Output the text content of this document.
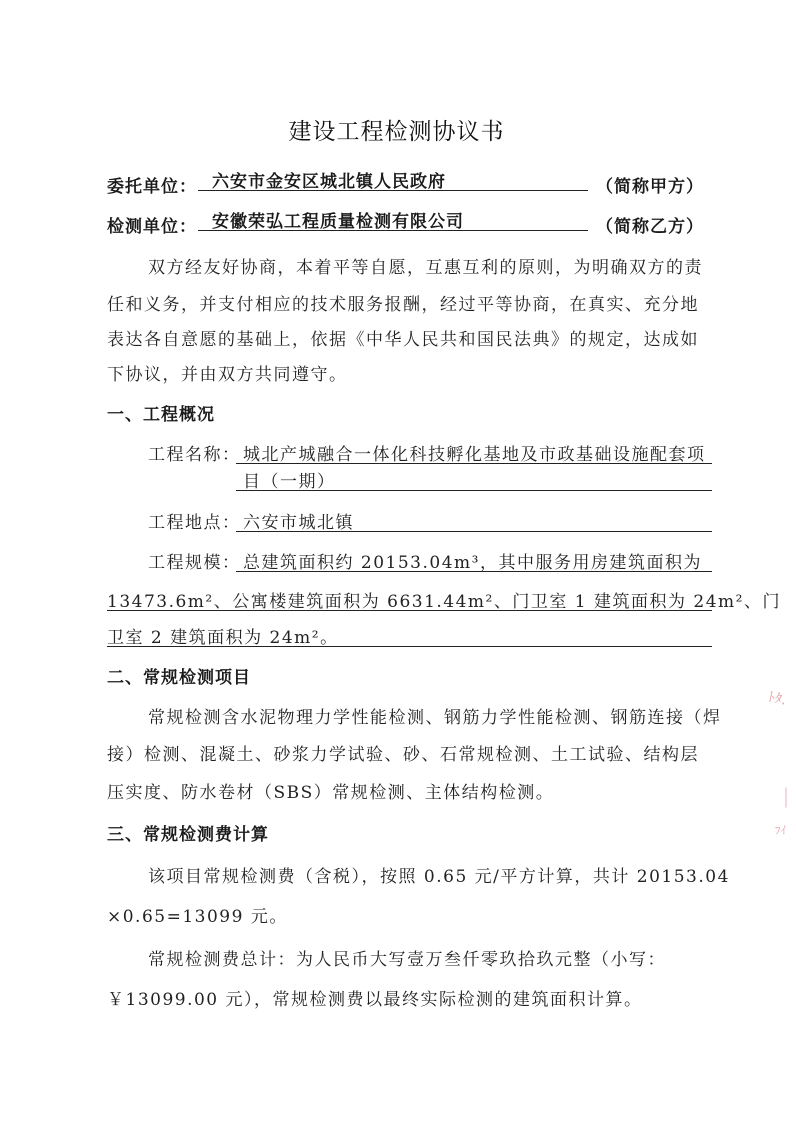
建设工程检测协议书
委托单位： 六安市金安区城北镇人民政府	（简称甲方）
检测单位： 安徽荣弘工程质量检测有限公司	（简称乙方）
双方经友好协商，本着平等自愿，互惠互利的原则，为明确双方的责
任和义务，并支付相应的技术服务报酬，经过平等协商，在真实、充分地
表达各自意愿的基础上，依据《中华人民共和国民法典》的规定，达成如
下协议，并由双方共同遵守。
一、工程概况
工程名称： 城北产城融合一体化科技孵化基地及市政基础设施配套项
目（一期）
工程地点： 六安市城北镇
工程规模： 总建筑面积约 20153.04m³，其中服务用房建筑面积为
13473.6m²、公寓楼建筑面积为 6631.44m²、门卫室 1 建筑面积为 24m²、门
卫室 2 建筑面积为 24m²。
二、常规检测项目
常规检测含水泥物理力学性能检测、钢筋力学性能检测、钢筋连接（焊
接）检测、混凝土、砂浆力学试验、砂、石常规检测、土工试验、结构层
压实度、防水卷材（SBS）常规检测、主体结构检测。
三、常规检测费计算
该项目常规检测费（含税），按照 0.65 元/平方计算，共计 20153.04
×0.65=13099 元。
常规检测费总计：为人民币大写壹万叁仟零玖拾玖元整（小写：
￥13099.00 元），常规检测费以最终实际检测的建筑面积计算。
ﾄﾀ.
｜
ﾌｲ
